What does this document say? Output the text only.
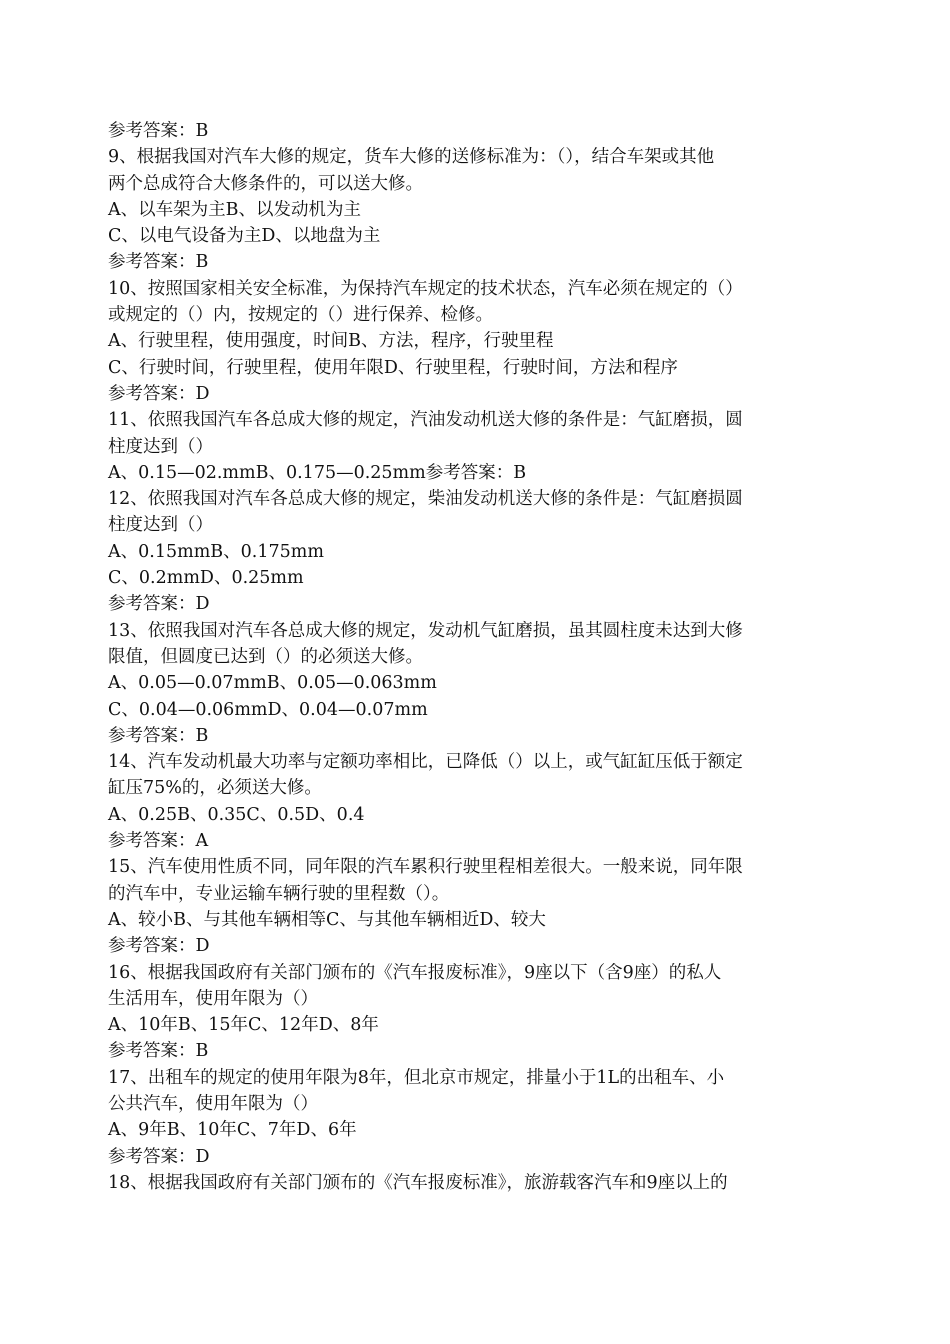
参考答案：B
9、根据我国对汽车大修的规定，货车大修的送修标准为：（），结合车架或其他
两个总成符合大修条件的，可以送大修。
A、以车架为主B、以发动机为主
C、以电气设备为主D、以地盘为主
参考答案：B
10、按照国家相关安全标准，为保持汽车规定的技术状态，汽车必须在规定的（）
或规定的（）内，按规定的（）进行保养、检修。
A、行驶里程，使用强度，时间B、方法，程序，行驶里程
C、行驶时间，行驶里程，使用年限D、行驶里程，行驶时间，方法和程序
参考答案：D
11、依照我国汽车各总成大修的规定，汽油发动机送大修的条件是：气缸磨损，圆
柱度达到（）
A、0.15—02.mmB、0.175—0.25mm参考答案：B
12、依照我国对汽车各总成大修的规定，柴油发动机送大修的条件是：气缸磨损圆
柱度达到（）
A、0.15mmB、0.175mm
C、0.2mmD、0.25mm
参考答案：D
13、依照我国对汽车各总成大修的规定，发动机气缸磨损，虽其圆柱度未达到大修
限值，但圆度已达到（）的必须送大修。
A、0.05—0.07mmB、0.05—0.063mm
C、0.04—0.06mmD、0.04—0.07mm
参考答案：B
14、汽车发动机最大功率与定额功率相比，已降低（）以上，或气缸缸压低于额定
缸压75%的，必须送大修。
A、0.25B、0.35C、0.5D、0.4
参考答案：A
15、汽车使用性质不同，同年限的汽车累积行驶里程相差很大。一般来说，同年限
的汽车中，专业运输车辆行驶的里程数（）。
A、较小B、与其他车辆相等C、与其他车辆相近D、较大
参考答案：D
16、根据我国政府有关部门颁布的《汽车报废标准》，9座以下（含9座）的私人
生活用车，使用年限为（）
A、10年B、15年C、12年D、8年
参考答案：B
17、出租车的规定的使用年限为8年，但北京市规定，排量小于1L的出租车、小
公共汽车，使用年限为（）
A、9年B、10年C、7年D、6年
参考答案：D
18、根据我国政府有关部门颁布的《汽车报废标准》，旅游载客汽车和9座以上的
